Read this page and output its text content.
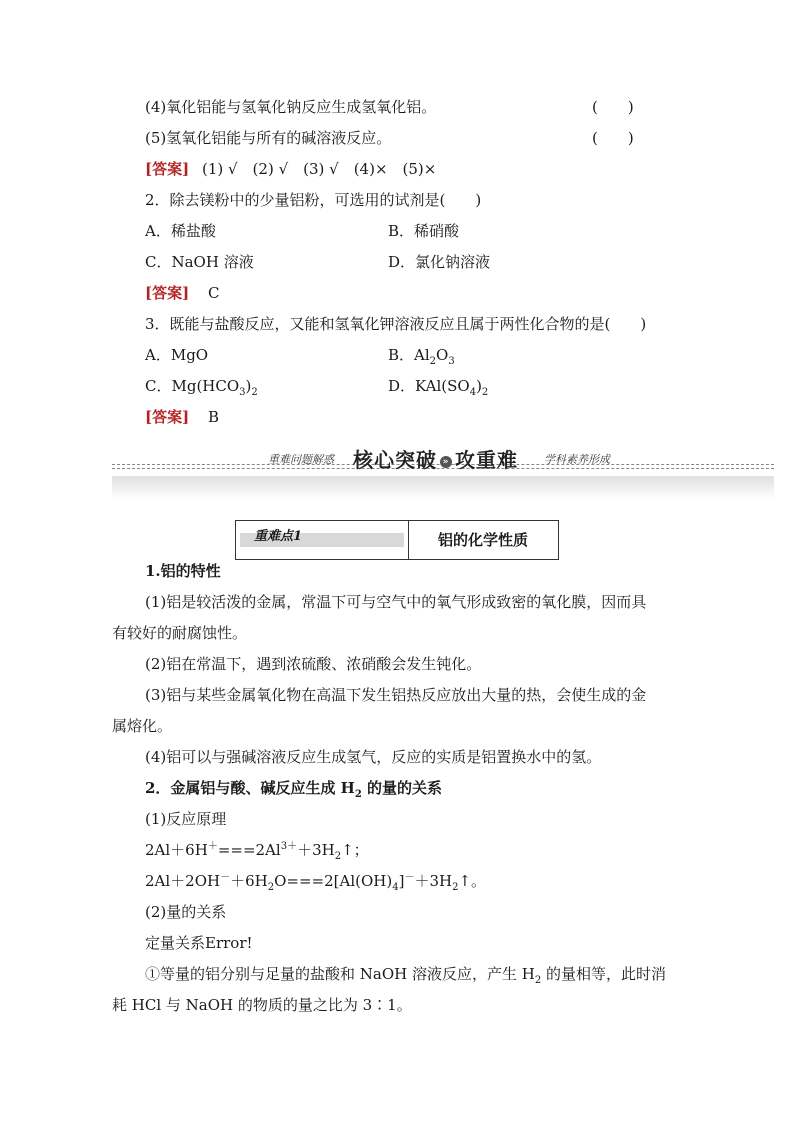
(4)氧化铝能与氢氧化钠反应生成氢氧化铝。	(　　)
(5)氢氧化铝能与所有的碱溶液反应。	(　　)
[答案] (1) √　(2) √　(3) √　(4)×　(5)×
2．除去镁粉中的少量铝粉，可选用的试剂是(　　)
A．稀盐酸	B．稀硝酸
C．NaOH 溶液	D．氯化钠溶液
[答案] C
3．既能与盐酸反应，又能和氢氧化钾溶液反应且属于两性化合物的是(　　)
A．MgO	B．$Al_2O_3$
C．$Mg(HCO_3)_2$	D．$KAl(SO_4)_2$
[答案] B
重难问题解惑 核心突破 » 攻重难 学科素养形成
重难点1	铝的化学性质
1.铝的特性
(1)铝是较活泼的金属，常温下可与空气中的氧气形成致密的氧化膜，因而具
有较好的耐腐蚀性。
(2)铝在常温下，遇到浓硫酸、浓硝酸会发生钝化。
(3)铝与某些金属氧化物在高温下发生铝热反应放出大量的热，会使生成的金
属熔化。
(4)铝可以与强碱溶液反应生成氢气，反应的实质是铝置换水中的氢。
2．金属铝与酸、碱反应生成 $H_2$ 的量的关系
(1)反应原理
$2Al+6H^+===2Al^{3+}+3H_2↑$；
$2Al+2OH^-+6H_2O===2[Al(OH)_4]^-+3H_2↑$。
(2)量的关系
定量关系Error!
①等量的铝分别与足量的盐酸和 NaOH 溶液反应，产生 $H_2$ 的量相等，此时消
耗 HCl 与 NaOH 的物质的量之比为 3∶1。
